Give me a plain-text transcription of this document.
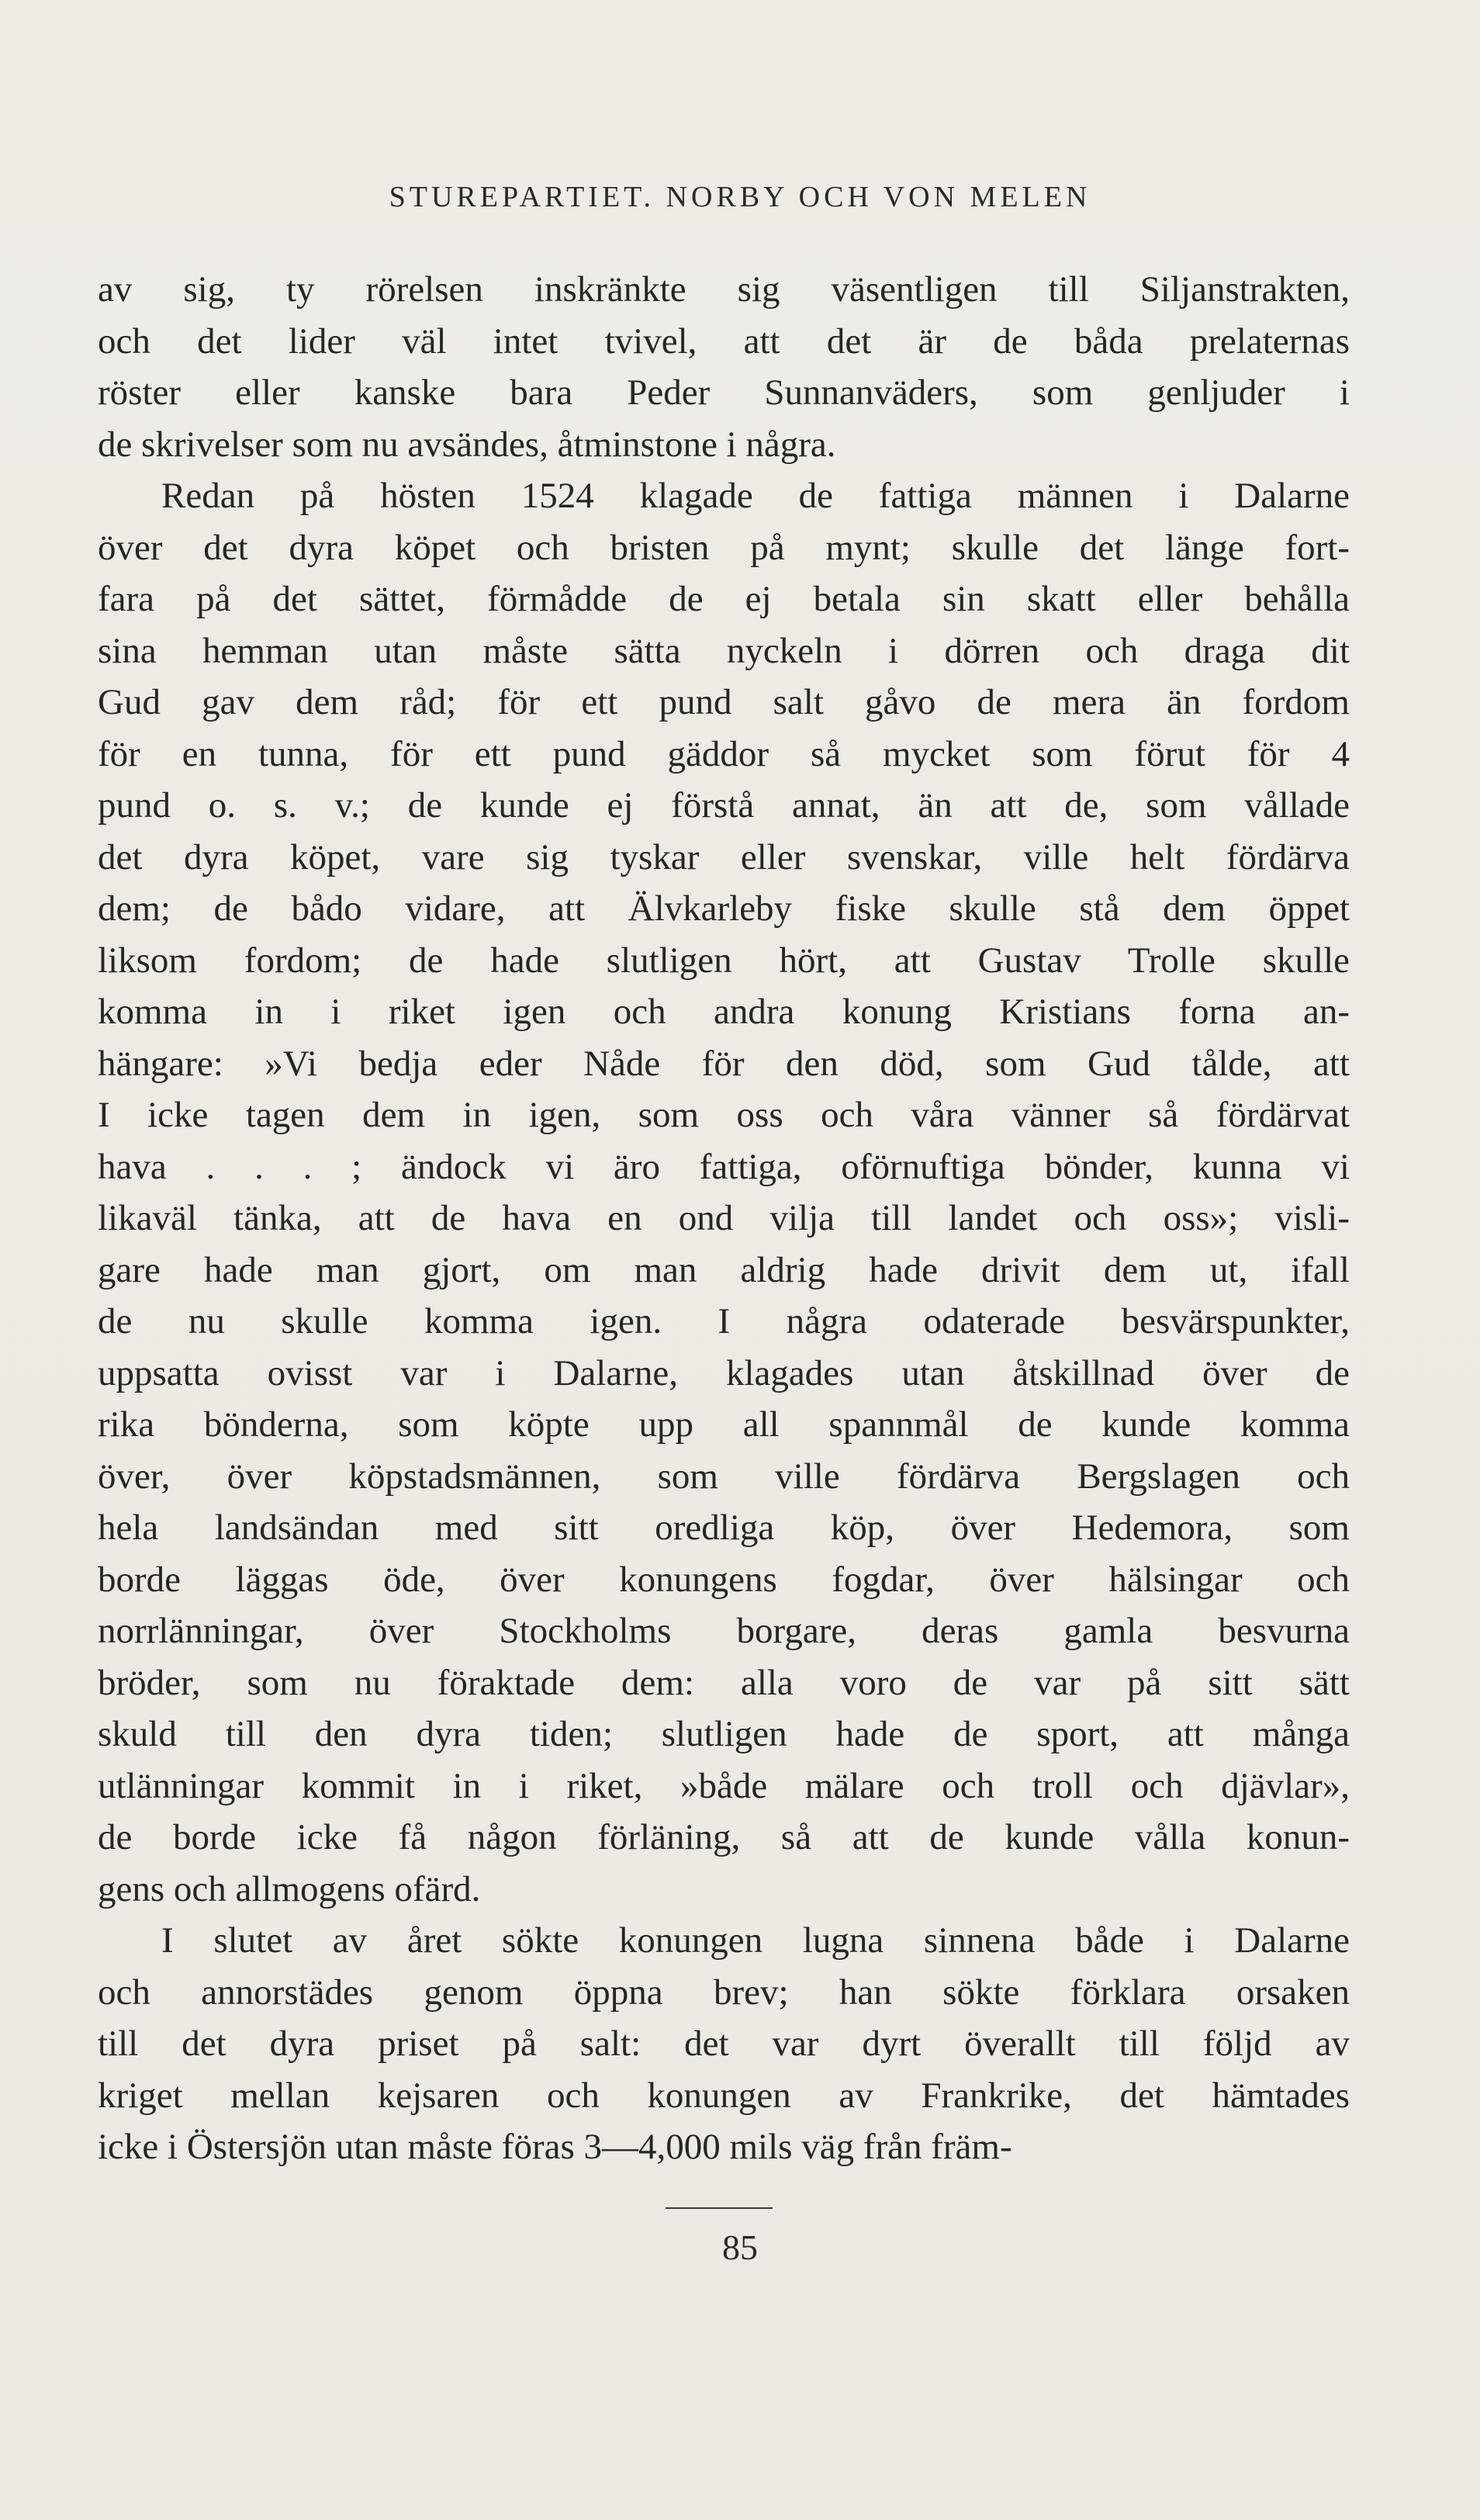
STUREPARTIET. NORBY OCH VON MELEN
av sig, ty rörelsen inskränkte sig väsentligen till Siljanstrakten,
och det lider väl intet tvivel, att det är de båda prelaternas
röster eller kanske bara Peder Sunnanväders, som genljuder i
de skrivelser som nu avsändes, åtminstone i några.
Redan på hösten 1524 klagade de fattiga männen i Dalarne
över det dyra köpet och bristen på mynt; skulle det länge fort-
fara på det sättet, förmådde de ej betala sin skatt eller behålla
sina hemman utan måste sätta nyckeln i dörren och draga dit
Gud gav dem råd; för ett pund salt gåvo de mera än fordom
för en tunna, för ett pund gäddor så mycket som förut för 4
pund o. s. v.; de kunde ej förstå annat, än att de, som vållade
det dyra köpet, vare sig tyskar eller svenskar, ville helt fördärva
dem; de bådo vidare, att Älvkarleby fiske skulle stå dem öppet
liksom fordom; de hade slutligen hört, att Gustav Trolle skulle
komma in i riket igen och andra konung Kristians forna an-
hängare: »Vi bedja eder Nåde för den död, som Gud tålde, att
I icke tagen dem in igen, som oss och våra vänner så fördärvat
hava . . . ; ändock vi äro fattiga, oförnuftiga bönder, kunna vi
likaväl tänka, att de hava en ond vilja till landet och oss»; visli-
gare hade man gjort, om man aldrig hade drivit dem ut, ifall
de nu skulle komma igen. I några odaterade besvärspunkter,
uppsatta ovisst var i Dalarne, klagades utan åtskillnad över de
rika bönderna, som köpte upp all spannmål de kunde komma
över, över köpstadsmännen, som ville fördärva Bergslagen och
hela landsändan med sitt oredliga köp, över Hedemora, som
borde läggas öde, över konungens fogdar, över hälsingar och
norrlänningar, över Stockholms borgare, deras gamla besvurna
bröder, som nu föraktade dem: alla voro de var på sitt sätt
skuld till den dyra tiden; slutligen hade de sport, att många
utlänningar kommit in i riket, »både mälare och troll och djävlar»,
de borde icke få någon förläning, så att de kunde vålla konun-
gens och allmogens ofärd.
I slutet av året sökte konungen lugna sinnena både i Dalarne
och annorstädes genom öppna brev; han sökte förklara orsaken
till det dyra priset på salt: det var dyrt överallt till följd av
kriget mellan kejsaren och konungen av Frankrike, det hämtades
icke i Östersjön utan måste föras 3—4,000 mils väg från främ-
85
